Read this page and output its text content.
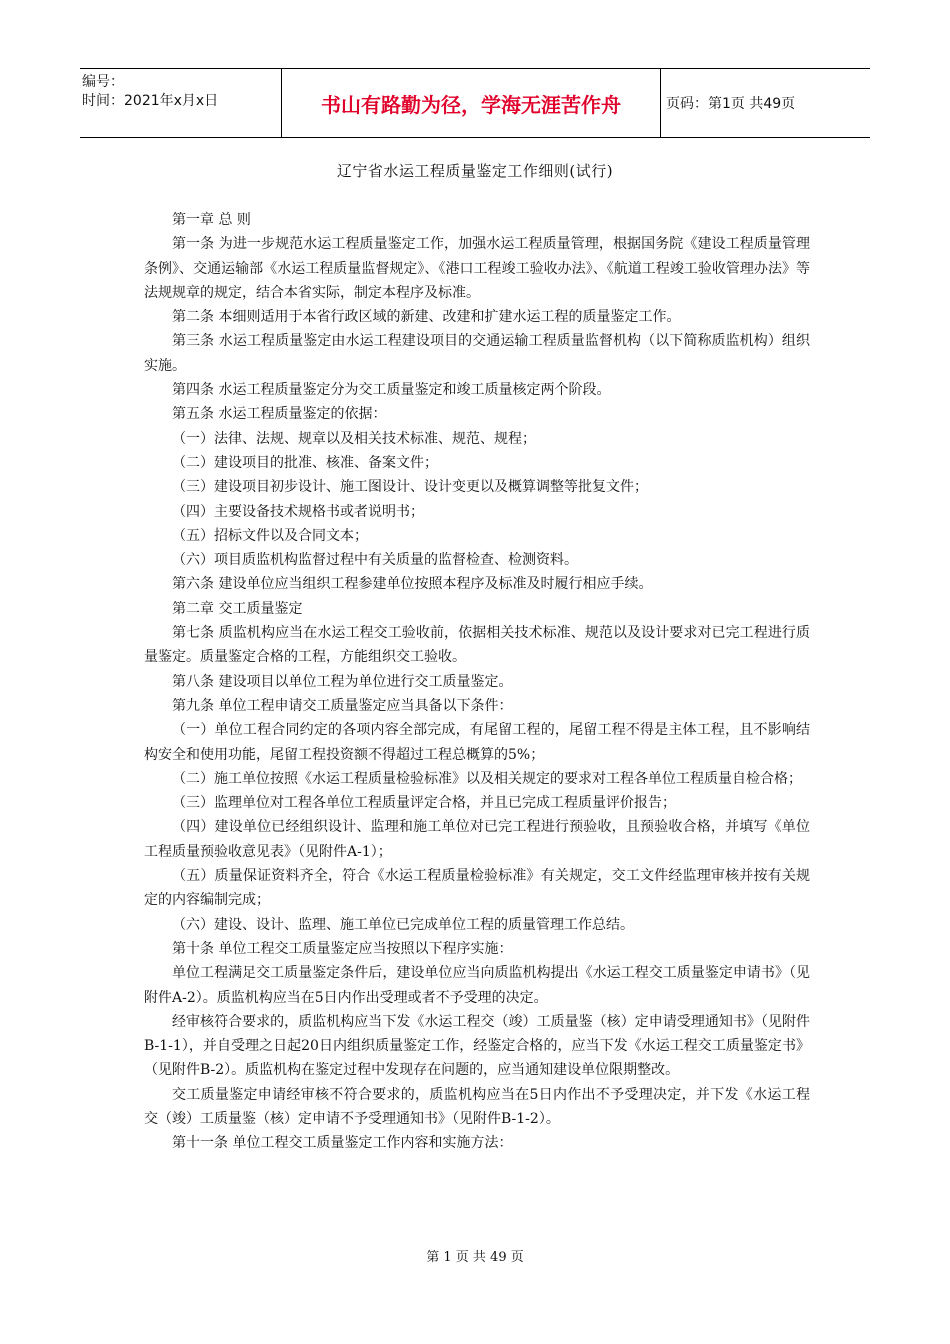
编号：
时间：2021年x月x日	书山有路勤为径，学海无涯苦作舟	页码：第1页 共49页
辽宁省水运工程质量鉴定工作细则(试行)

第一章 总 则

第一条 为进一步规范水运工程质量鉴定工作，加强水运工程质量管理，根据国务院《建设工程质量管理条例》、交通运输部《水运工程质量监督规定》、《港口工程竣工验收办法》、《航道工程竣工验收管理办法》等法规规章的规定，结合本省实际，制定本程序及标准。

第二条 本细则适用于本省行政区域的新建、改建和扩建水运工程的质量鉴定工作。

第三条 水运工程质量鉴定由水运工程建设项目的交通运输工程质量监督机构（以下简称质监机构）组织实施。

第四条 水运工程质量鉴定分为交工质量鉴定和竣工质量核定两个阶段。

第五条 水运工程质量鉴定的依据：

（一）法律、法规、规章以及相关技术标准、规范、规程；

（二）建设项目的批准、核准、备案文件；

（三）建设项目初步设计、施工图设计、设计变更以及概算调整等批复文件；

（四）主要设备技术规格书或者说明书；

（五）招标文件以及合同文本；

（六）项目质监机构监督过程中有关质量的监督检查、检测资料。

第六条 建设单位应当组织工程参建单位按照本程序及标准及时履行相应手续。

第二章 交工质量鉴定

第七条 质监机构应当在水运工程交工验收前，依据相关技术标准、规范以及设计要求对已完工程进行质量鉴定。质量鉴定合格的工程，方能组织交工验收。

第八条 建设项目以单位工程为单位进行交工质量鉴定。

第九条 单位工程申请交工质量鉴定应当具备以下条件：

（一）单位工程合同约定的各项内容全部完成，有尾留工程的，尾留工程不得是主体工程，且不影响结构安全和使用功能，尾留工程投资额不得超过工程总概算的5%；

（二）施工单位按照《水运工程质量检验标准》以及相关规定的要求对工程各单位工程质量自检合格；

（三）监理单位对工程各单位工程质量评定合格，并且已完成工程质量评价报告；

（四）建设单位已经组织设计、监理和施工单位对已完工程进行预验收，且预验收合格，并填写《单位工程质量预验收意见表》（见附件A-1）；

（五）质量保证资料齐全，符合《水运工程质量检验标准》有关规定，交工文件经监理审核并按有关规定的内容编制完成；

（六）建设、设计、监理、施工单位已完成单位工程的质量管理工作总结。

第十条 单位工程交工质量鉴定应当按照以下程序实施：

单位工程满足交工质量鉴定条件后，建设单位应当向质监机构提出《水运工程交工质量鉴定申请书》（见附件A-2）。质监机构应当在5日内作出受理或者不予受理的决定。

经审核符合要求的，质监机构应当下发《水运工程交（竣）工质量鉴（核）定申请受理通知书》（见附件B-1-1），并自受理之日起20日内组织质量鉴定工作，经鉴定合格的，应当下发《水运工程交工质量鉴定书》（见附件B-2）。质监机构在鉴定过程中发现存在问题的，应当通知建设单位限期整改。

交工质量鉴定申请经审核不符合要求的，质监机构应当在5日内作出不予受理决定，并下发《水运工程交（竣）工质量鉴（核）定申请不予受理通知书》（见附件B-1-2）。

第十一条 单位工程交工质量鉴定工作内容和实施方法：

第 1 页 共 49 页
